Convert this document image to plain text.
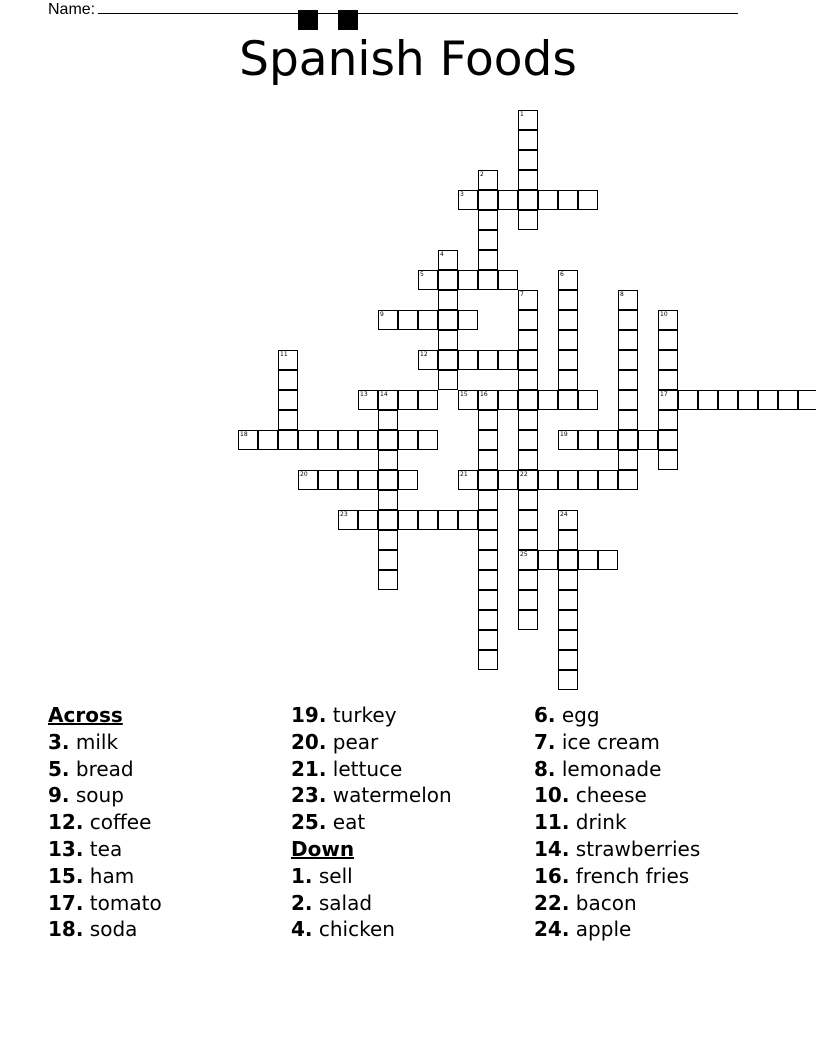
Name:
Spanish Foods
1
2
3
4
5	6
7	8
9	10
17
11	12
13 14	15 16
18	19
20	21	22
25
23	24
Across
3. milk
5. bread
9. soup
12. coffee
13. tea
15. ham
17. tomato
18. soda
19. turkey
20. pear
21. lettuce
23. watermelon
25. eat
Down
1. sell
2. salad
4. chicken
6. egg
7. ice cream
8. lemonade
10. cheese
11. drink
14. strawberries
16. french fries
22. bacon
24. apple
